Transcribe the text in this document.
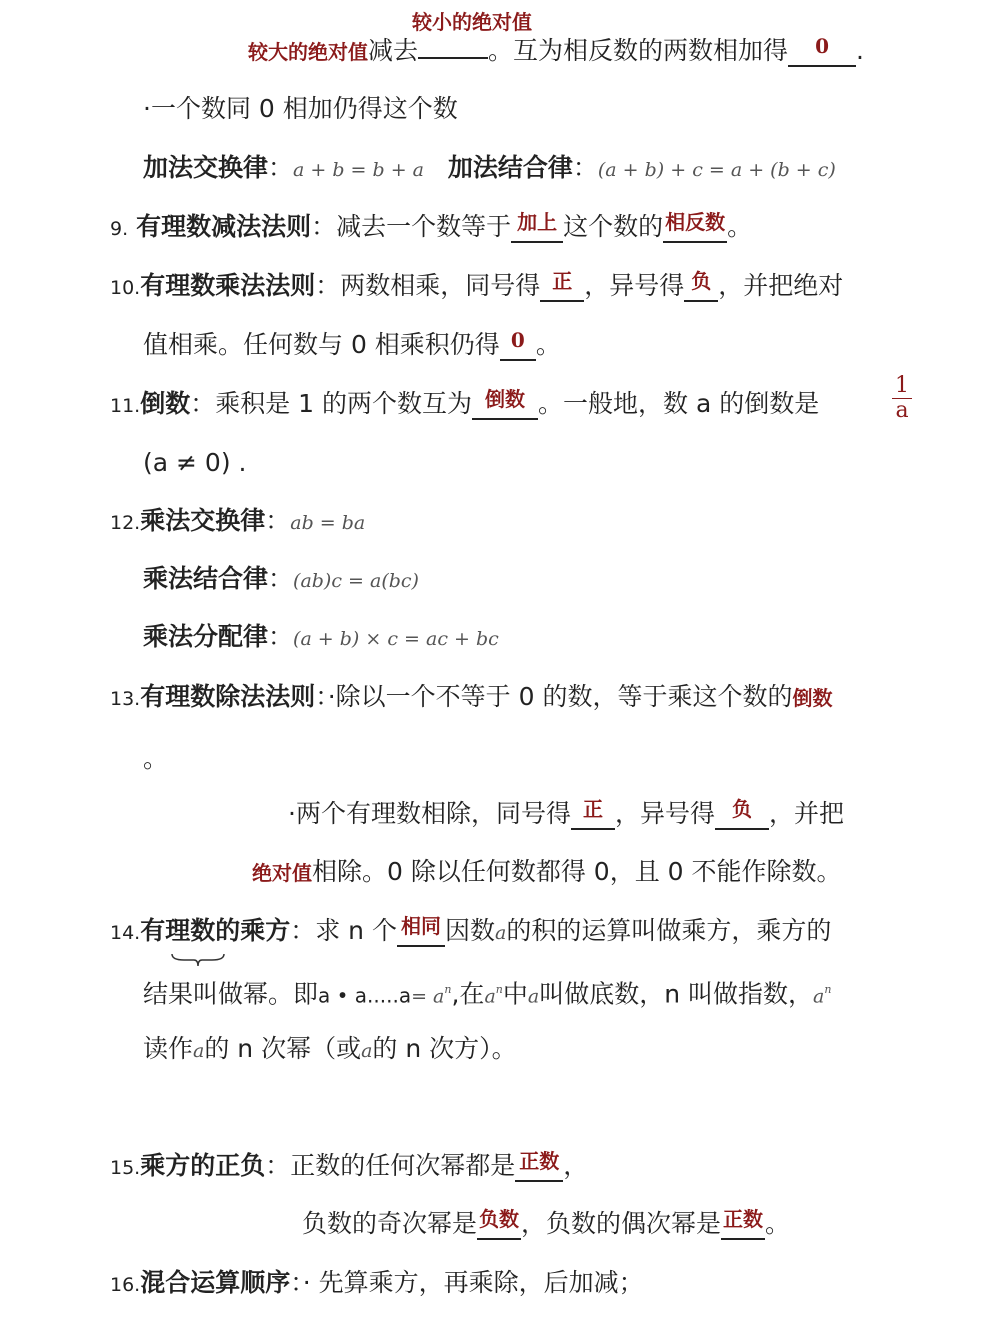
较小的绝对值
较大的绝对值减去	。互为相反数的两数相加得 $^0$ .
·一个数同 0 相加仍得这个数
加法交换律：a + b = b + a 加法结合律：(a + b) + c = a + (b + c)
9. 有理数减法法则：减去一个数等于 $^{加上}$ 这个数的 $^{相反数}$。
10.有理数乘法法则：两数相乘，同号得 $^正$ ，异号得 $^负$ ，并把绝对
值相乘。任何数与 0 相乘积仍得 $^0$ 。
11.倒数：乘积是 1 的两个数互为 $^{倒数}$ 。一般地，数 a 的倒数是	$\frac{1}{a}$
(a ≠ 0) .
12.乘法交换律：ab = ba
乘法结合律：(ab)c = a(bc)
乘法分配律：(a + b) × c = ac + bc
13.有理数除法法则：·除以一个不等于 0 的数，等于乘这个数的倒数
。
·两个有理数相除，同号得 $^正$ ，异号得 $^负$ ，并把
绝对值相除。0 除以任何数都得 0，且 0 不能作除数。
14.有理数的乘方：求 n 个 $^{相同}$ 因数a的积的运算叫做乘方，乘方的
结果叫做幂。即a • $a.....a= a^n$,在$a^n$中a叫做底数，n 叫做指数，$a^n$
读作a的 n 次幂（或a的 n 次方）。
15.乘方的正负：正数的任何次幂都是 $^{正数}$ ，
负数的奇次幂是 $^{负数}$，负数的偶次幂是 $^{正数}$。
16.混合运算顺序：· 先算乘方，再乘除，后加减；
